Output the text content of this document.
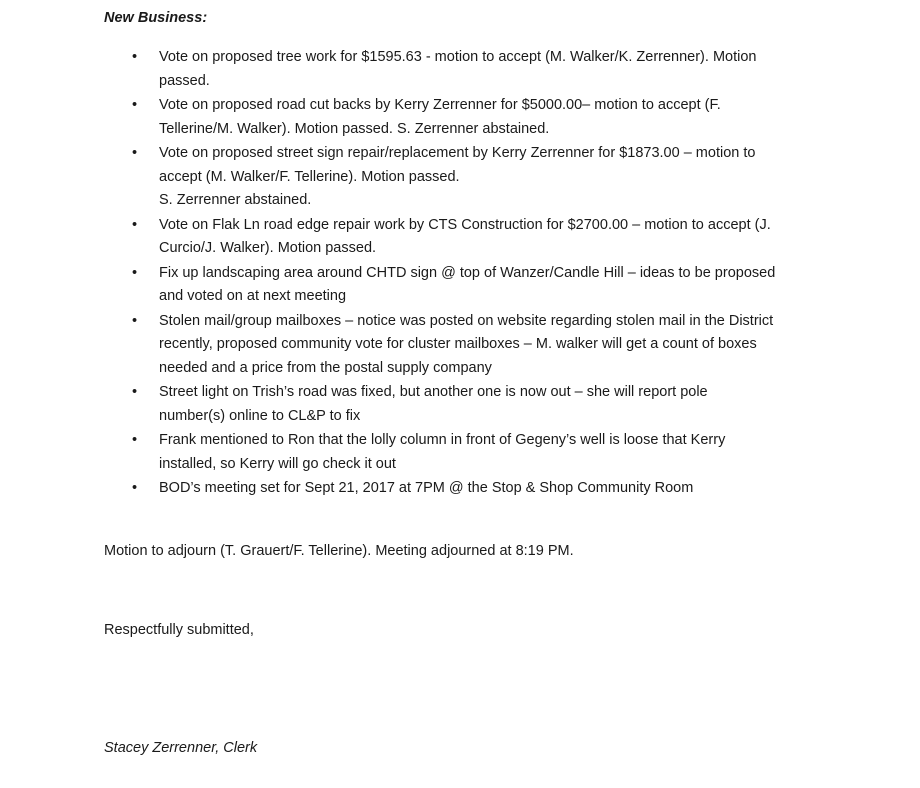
New Business:
• Vote on proposed tree work for $1595.63 - motion to accept (M. Walker/K. Zerrenner). Motion
passed.
• Vote on proposed road cut backs by Kerry Zerrenner for $5000.00– motion to accept (F.
Tellerine/M. Walker). Motion passed. S. Zerrenner abstained.
• Vote on proposed street sign repair/replacement by Kerry Zerrenner for $1873.00 – motion to
accept (M. Walker/F. Tellerine). Motion passed.
S. Zerrenner abstained.
• Vote on Flak Ln road edge repair work by CTS Construction for $2700.00 – motion to accept (J.
Curcio/J. Walker). Motion passed.
• Fix up landscaping area around CHTD sign @ top of Wanzer/Candle Hill – ideas to be proposed
and voted on at next meeting
• Stolen mail/group mailboxes – notice was posted on website regarding stolen mail in the District
recently, proposed community vote for cluster mailboxes – M. walker will get a count of boxes
needed and a price from the postal supply company
• Street light on Trish’s road was fixed, but another one is now out – she will report pole
number(s) online to CL&P to fix
• Frank mentioned to Ron that the lolly column in front of Gegeny’s well is loose that Kerry
installed, so Kerry will go check it out
• BOD’s meeting set for Sept 21, 2017 at 7PM @ the Stop & Shop Community Room
Motion to adjourn (T. Grauert/F. Tellerine). Meeting adjourned at 8:19 PM.
Respectfully submitted,
Stacey Zerrenner, Clerk
